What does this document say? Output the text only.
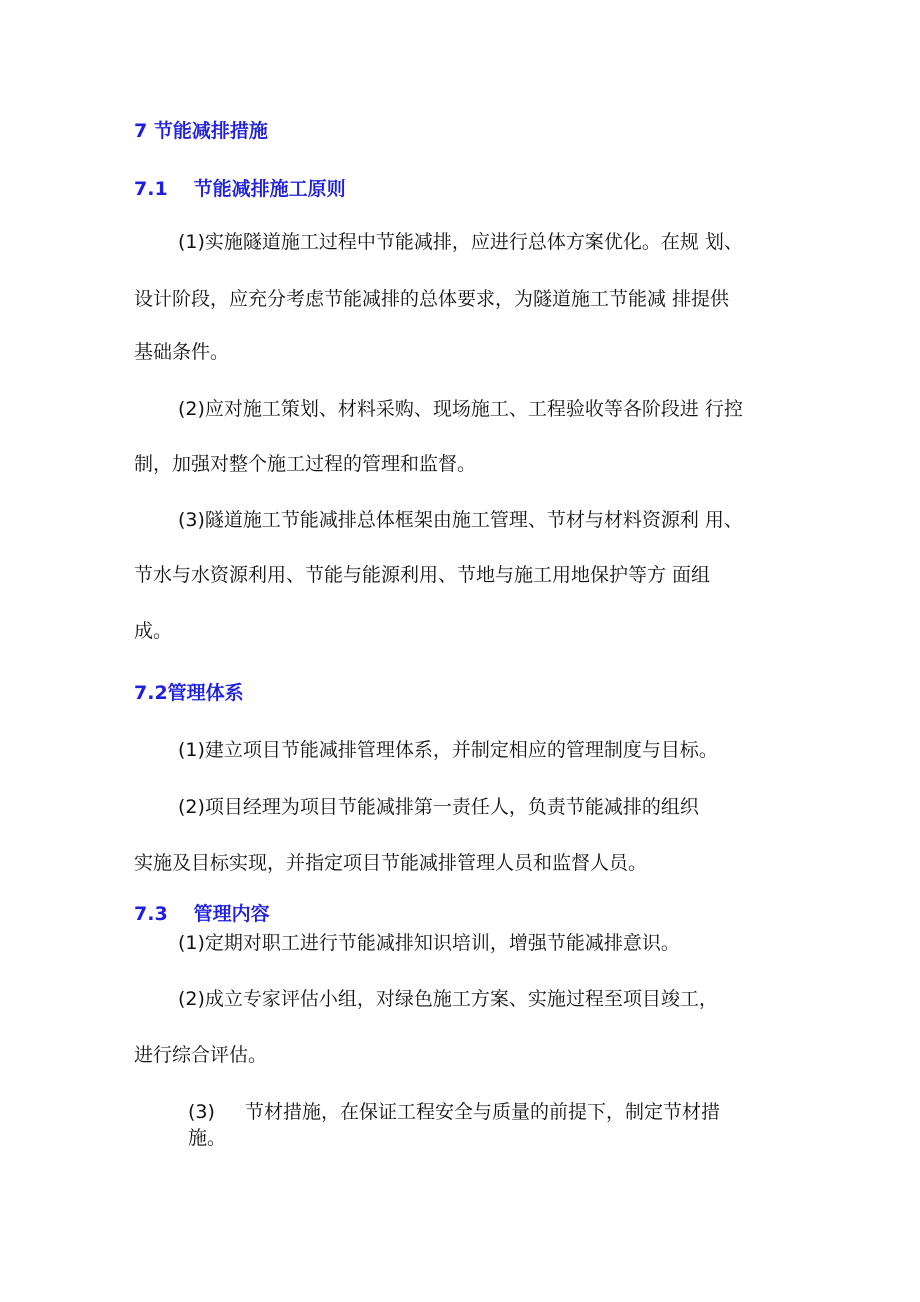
7 节能减排措施
7.1 节能减排施工原则
(1)实施隧道施工过程中节能减排，应进行总体方案优化。在规 划、
设计阶段，应充分考虑节能减排的总体要求，为隧道施工节能减 排提供
基础条件。
(2)应对施工策划、材料采购、现场施工、工程验收等各阶段进 行控
制，加强对整个施工过程的管理和监督。
(3)隧道施工节能减排总体框架由施工管理、节材与材料资源利 用、
节水与水资源利用、节能与能源利用、节地与施工用地保护等方 面组
成。
7.2管理体系
(1)建立项目节能减排管理体系，并制定相应的管理制度与目标。
(2)项目经理为项目节能减排第一责任人，负责节能减排的组织
实施及目标实现，并指定项目节能减排管理人员和监督人员。
7.3 管理内容
(1)定期对职工进行节能减排知识培训，增强节能减排意识。
(2)成立专家评估小组，对绿色施工方案、实施过程至项目竣工，
进行综合评估。
(3) 节材措施，在保证工程安全与质量的前提下，制定节材措
施。
